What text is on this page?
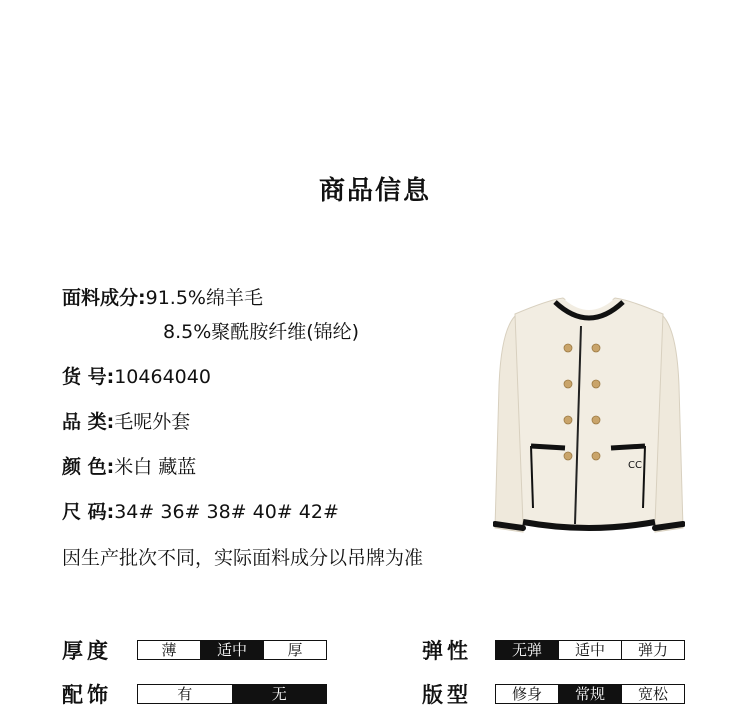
商品信息
面料成分:91.5%绵羊毛
8.5%聚酰胺纤维(锦纶)
货 号:10464040
品 类:毛呢外套
颜 色:米白 藏蓝
尺 码:34# 36# 38# 40# 42#
因生产批次不同，实际面料成分以吊牌为准
CC
厚度	薄	适中	厚	弹性	无弹	适中	弹力
配饰	有	无	版型	修身	常规	宽松
